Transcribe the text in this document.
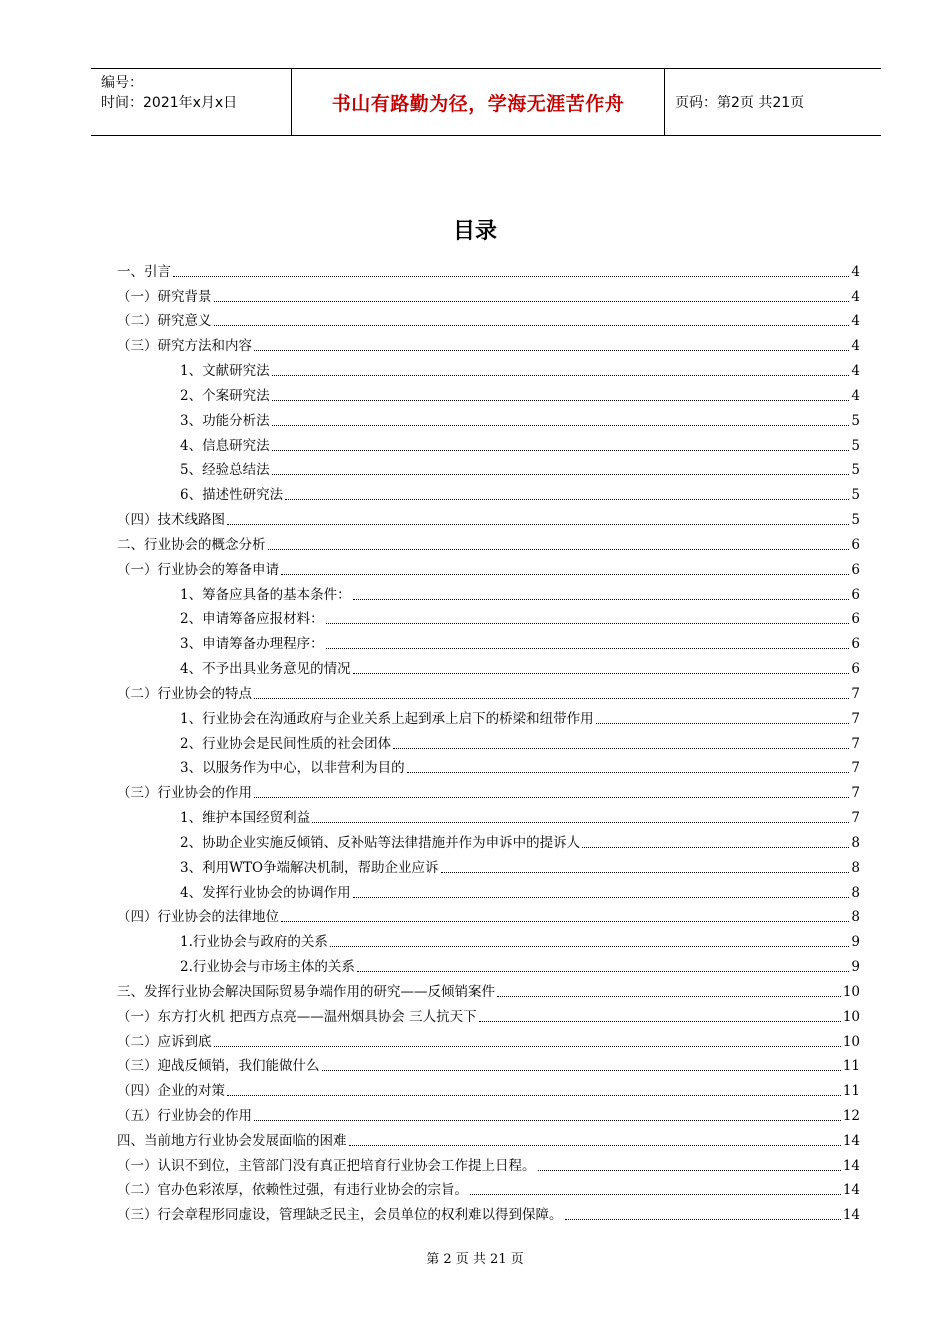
编号：
时间：2021年x月x日	书山有路勤为径，学海无涯苦作舟	页码：第2页 共21页
目录
一、引言	4
（一）研究背景	4
（二）研究意义	4
（三）研究方法和内容	4
1、文献研究法	4
2、个案研究法	4
3、功能分析法	5
4、信息研究法	5
5、经验总结法	5
6、描述性研究法	5
（四）技术线路图	5
二、行业协会的概念分析	6
（一）行业协会的筹备申请	6
1、筹备应具备的基本条件：	6
2、申请筹备应报材料：	6
3、申请筹备办理程序：	6
4、不予出具业务意见的情况	6
（二）行业协会的特点	7
1、行业协会在沟通政府与企业关系上起到承上启下的桥梁和纽带作用	7
2、行业协会是民间性质的社会团体	7
3、以服务作为中心，以非营利为目的	7
（三）行业协会的作用	7
1、维护本国经贸利益	7
2、协助企业实施反倾销、反补贴等法律措施并作为申诉中的提诉人	8
3、利用WTO争端解决机制，帮助企业应诉	8
4、发挥行业协会的协调作用	8
（四）行业协会的法律地位	8
1.行业协会与政府的关系	9
2.行业协会与市场主体的关系	9
三、发挥行业协会解决国际贸易争端作用的研究——反倾销案件	10
（一）东方打火机 把西方点亮——温州烟具协会 三人抗天下	10
（二）应诉到底	10
（三）迎战反倾销，我们能做什么	11
（四）企业的对策	11
（五）行业协会的作用	12
四、当前地方行业协会发展面临的困难	14
（一）认识不到位，主管部门没有真正把培育行业协会工作提上日程。	14
（二）官办色彩浓厚，依赖性过强，有违行业协会的宗旨。	14
（三）行会章程形同虚设，管理缺乏民主，会员单位的权利难以得到保障。	14
第 2 页 共 21 页
